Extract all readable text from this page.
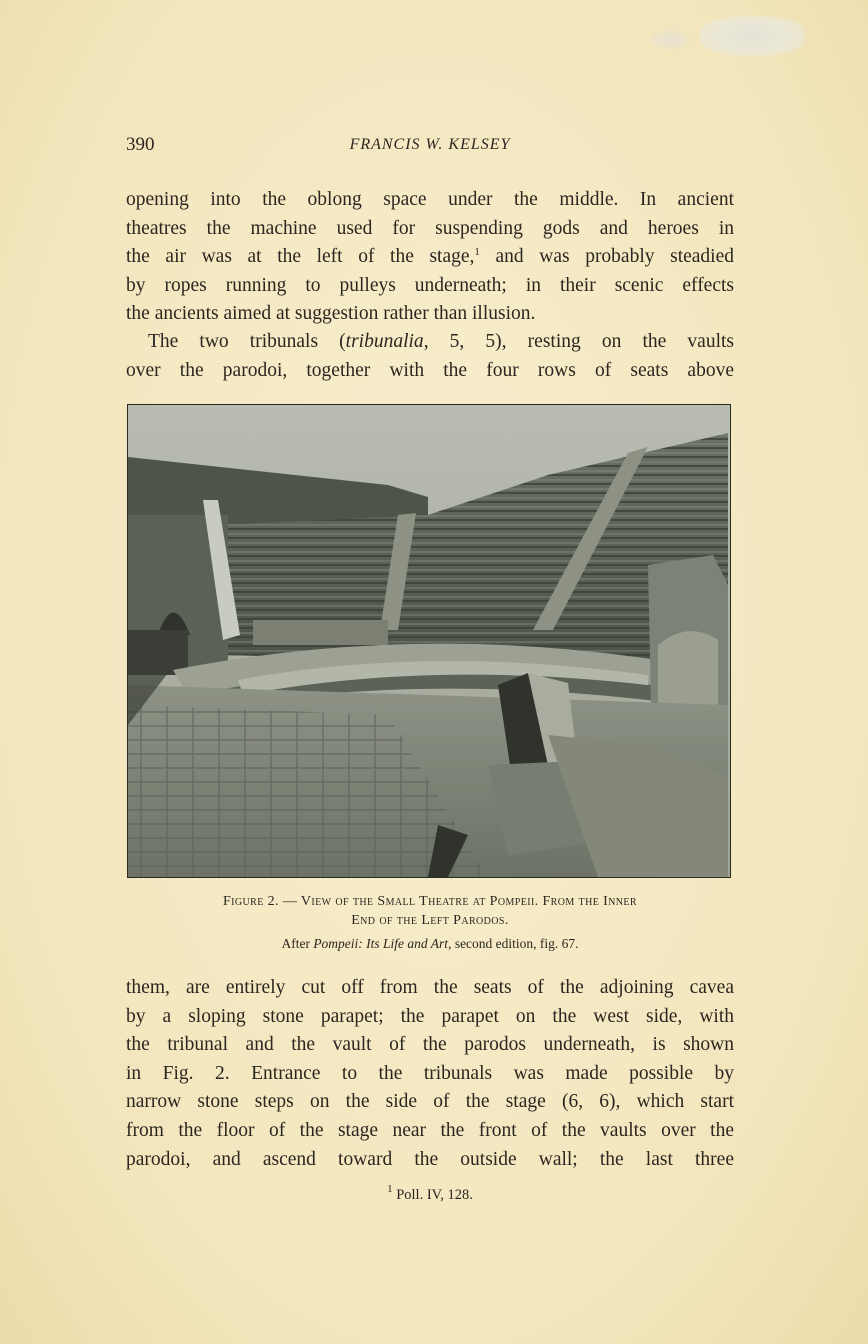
390	FRANCIS W. KELSEY
opening into the oblong space under the middle. In ancient
theatres the machine used for suspending gods and heroes in
the air was at the left of the stage,$^1$ and was probably steadied
by ropes running to pulleys underneath; in their scenic effects
the ancients aimed at suggestion rather than illusion.
The two tribunals (tribunalia, 5, 5), resting on the vaults
over the parodoi, together with the four rows of seats above
Figure 2. — View of the Small Theatre at Pompeii. From the Inner
End of the Left Parodos.
After Pompeii: Its Life and Art, second edition, fig. 67.
them, are entirely cut off from the seats of the adjoining cavea
by a sloping stone parapet; the parapet on the west side, with
the tribunal and the vault of the parodos underneath, is shown
in Fig. 2. Entrance to the tribunals was made possible by
narrow stone steps on the side of the stage (6, 6), which start
from the floor of the stage near the front of the vaults over the
parodoi, and ascend toward the outside wall; the last three
$^1$ Poll. IV, 128.
